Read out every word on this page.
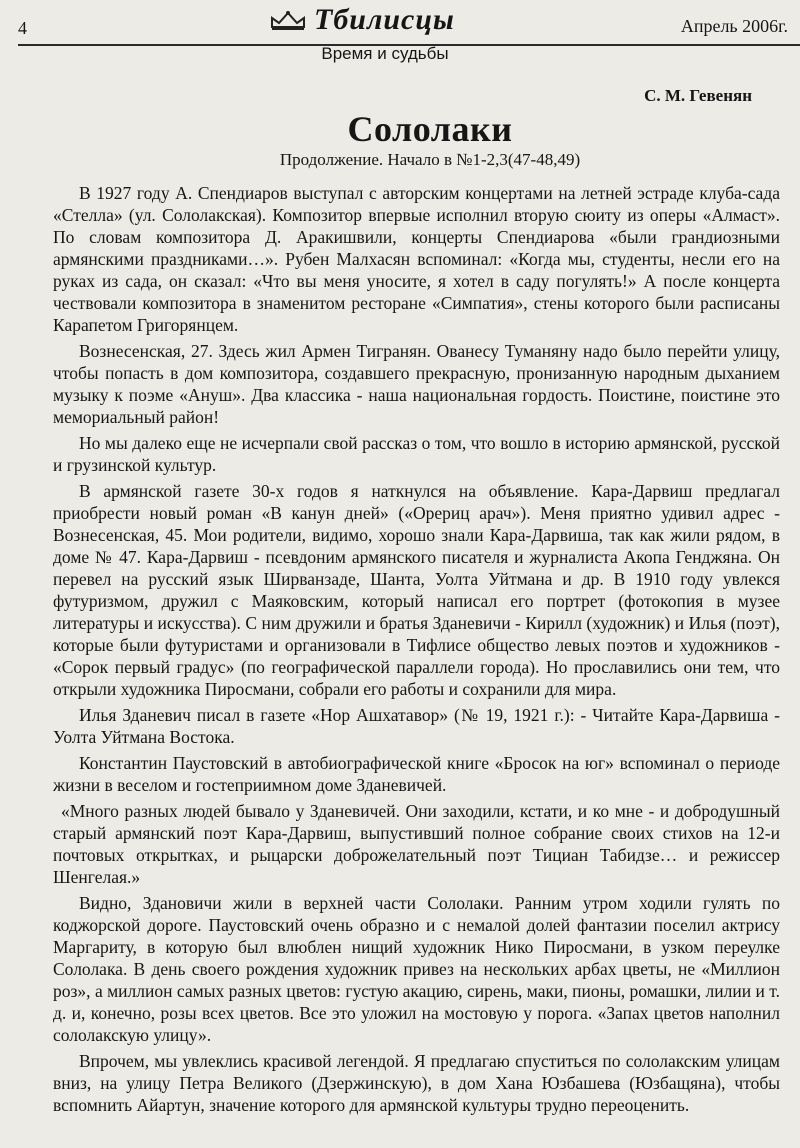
4	Тбилисцы	Апрель 2006г.
Время и судьбы
С. М. Гевенян
Сололаки
Продолжение. Начало в №1-2,3(47-48,49)

В 1927 году А. Спендиаров выступал с авторским концертами на летней эстраде клуба-сада «Стелла» (ул. Сололакская). Композитор впервые исполнил вторую сюиту из оперы «Алмаст». По словам композитора Д. Аракишвили, концерты Спендиарова «были грандиозными армянскими праздниками…». Рубен Малхасян вспоминал: «Когда мы, студенты, несли его на руках из сада, он сказал: «Что вы меня уносите, я хотел в саду погулять!» А после концерта чествовали композитора в знаменитом ресторане «Симпатия», стены которого были расписаны Карапетом Григорянцем.

Вознесенская, 27. Здесь жил Армен Тигранян. Ованесу Туманяну надо было перейти улицу, чтобы попасть в дом композитора, создавшего прекрасную, пронизанную народным дыханием музыку к поэме «Ануш». Два классика - наша национальная гордость. Поистине, поистине это мемориальный район!

Но мы далеко еще не исчерпали свой рассказ о том, что вошло в историю армянской, русской и грузинской культур.

В армянской газете 30-х годов я наткнулся на объявление. Кара-Дарвиш предлагал приобрести новый роман «В канун дней» («Орериц арач»). Меня приятно удивил адрес - Вознесенская, 45. Мои родители, видимо, хорошо знали Кара-Дарвиша, так как жили рядом, в доме № 47. Кара-Дарвиш - псевдоним армянского писателя и журналиста Акопа Генджяна. Он перевел на русский язык Ширванзаде, Шанта, Уолта Уйтмана и др. В 1910 году увлекся футуризмом, дружил с Маяковским, который написал его портрет (фотокопия в музее литературы и искусства). С ним дружили и братья Зданевичи - Кирилл (художник) и Илья (поэт), которые были футуристами и организовали в Тифлисе общество левых поэтов и художников - «Сорок первый градус» (по географической параллели города). Но прославились они тем, что открыли художника Пиросмани, собрали его работы и сохранили для мира.

Илья Зданевич писал в газете «Нор Ашхатавор» (№ 19, 1921 г.): - Читайте Кара-Дарвиша - Уолта Уйтмана Востока.

Константин Паустовский в автобиографической книге «Бросок на юг» вспоминал о периоде жизни в веселом и гостеприимном доме Зданевичей.

«Много разных людей бывало у Зданевичей. Они заходили, кстати, и ко мне - и добродушный старый армянский поэт Кара-Дарвиш, выпустивший полное собрание своих стихов на 12-и почтовых открытках, и рыцарски доброжелательный поэт Тициан Табидзе… и режиссер Шенгелая.»

Видно, Здановичи жили в верхней части Сололаки. Ранним утром ходили гулять по коджорской дороге. Паустовский очень образно и с немалой долей фантазии поселил актрису Маргариту, в которую был влюблен нищий художник Нико Пиросмани, в узком переулке Сололака. В день своего рождения художник привез на нескольких арбах цветы, не «Миллион роз», а миллион самых разных цветов: густую акацию, сирень, маки, пионы, ромашки, лилии и т. д. и, конечно, розы всех цветов. Все это уложил на мостовую у порога. «Запах цветов наполнил сололакскую улицу».

Впрочем, мы увлеклись красивой легендой. Я предлагаю спуститься по сололакским улицам вниз, на улицу Петра Великого (Дзержинскую), в дом Хана Юзбашева (Юзбащяна), чтобы вспомнить Айартун, значение которого для армянской культуры трудно переоценить.
